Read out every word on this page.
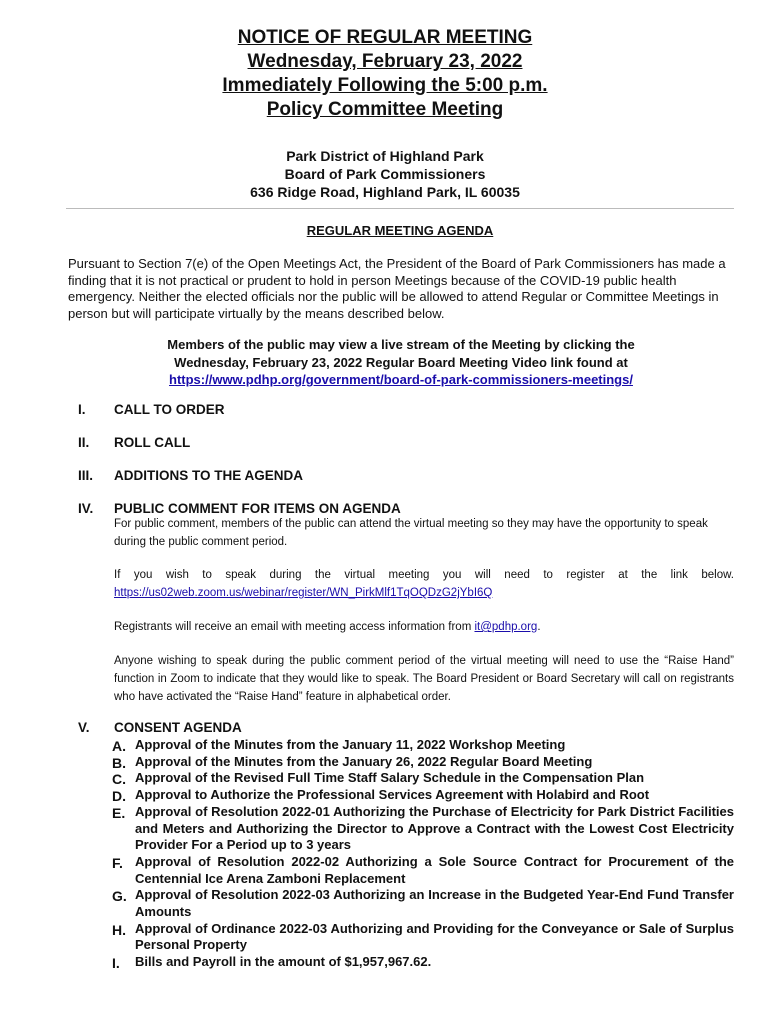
NOTICE OF REGULAR MEETING
Wednesday, February 23, 2022
Immediately Following the 5:00 p.m.
Policy Committee Meeting
Park District of Highland Park
Board of Park Commissioners
636 Ridge Road, Highland Park, IL 60035
REGULAR MEETING AGENDA

Pursuant to Section 7(e) of the Open Meetings Act, the President of the Board of Park Commissioners has made a finding that it is not practical or prudent to hold in person Meetings because of the COVID-19 public health emergency. Neither the elected officials nor the public will be allowed to attend Regular or Committee Meetings in person but will participate virtually by the means described below.

Members of the public may view a live stream of the Meeting by clicking the
Wednesday, February 23, 2022 Regular Board Meeting Video link found at
https://www.pdhp.org/government/board-of-park-commissioners-meetings/
I.	CALL TO ORDER
II.	ROLL CALL
III.	ADDITIONS TO THE AGENDA
IV.	PUBLIC COMMENT FOR ITEMS ON AGENDA

For public comment, members of the public can attend the virtual meeting so they may have the opportunity to speak during the public comment period.

If you wish to speak during the virtual meeting you will need to register at the link below.

https://us02web.zoom.us/webinar/register/WN_PirkMlf1TqOQDzG2jYbI6Q

Registrants will receive an email with meeting access information from it@pdhp.org.

Anyone wishing to speak during the public comment period of the virtual meeting will need to use the “Raise Hand” function in Zoom to indicate that they would like to speak. The Board President or Board Secretary will call on registrants who have activated the “Raise Hand” feature in alphabetical order.

V.	CONSENT AGENDA
A. Approval of the Minutes from the January 11, 2022 Workshop Meeting
B. Approval of the Minutes from the January 26, 2022 Regular Board Meeting
C. Approval of the Revised Full Time Staff Salary Schedule in the Compensation Plan
D. Approval to Authorize the Professional Services Agreement with Holabird and Root
E. Approval of Resolution 2022-01 Authorizing the Purchase of Electricity for Park District Facilities and Meters and Authorizing the Director to Approve a Contract with the Lowest Cost Electricity Provider For a Period up to 3 years
F. Approval of Resolution 2022-02 Authorizing a Sole Source Contract for Procurement of the Centennial Ice Arena Zamboni Replacement
G. Approval of Resolution 2022-03 Authorizing an Increase in the Budgeted Year-End Fund Transfer Amounts
H. Approval of Ordinance 2022-03 Authorizing and Providing for the Conveyance or Sale of Surplus Personal Property
I. Bills and Payroll in the amount of $1,957,967.62.
